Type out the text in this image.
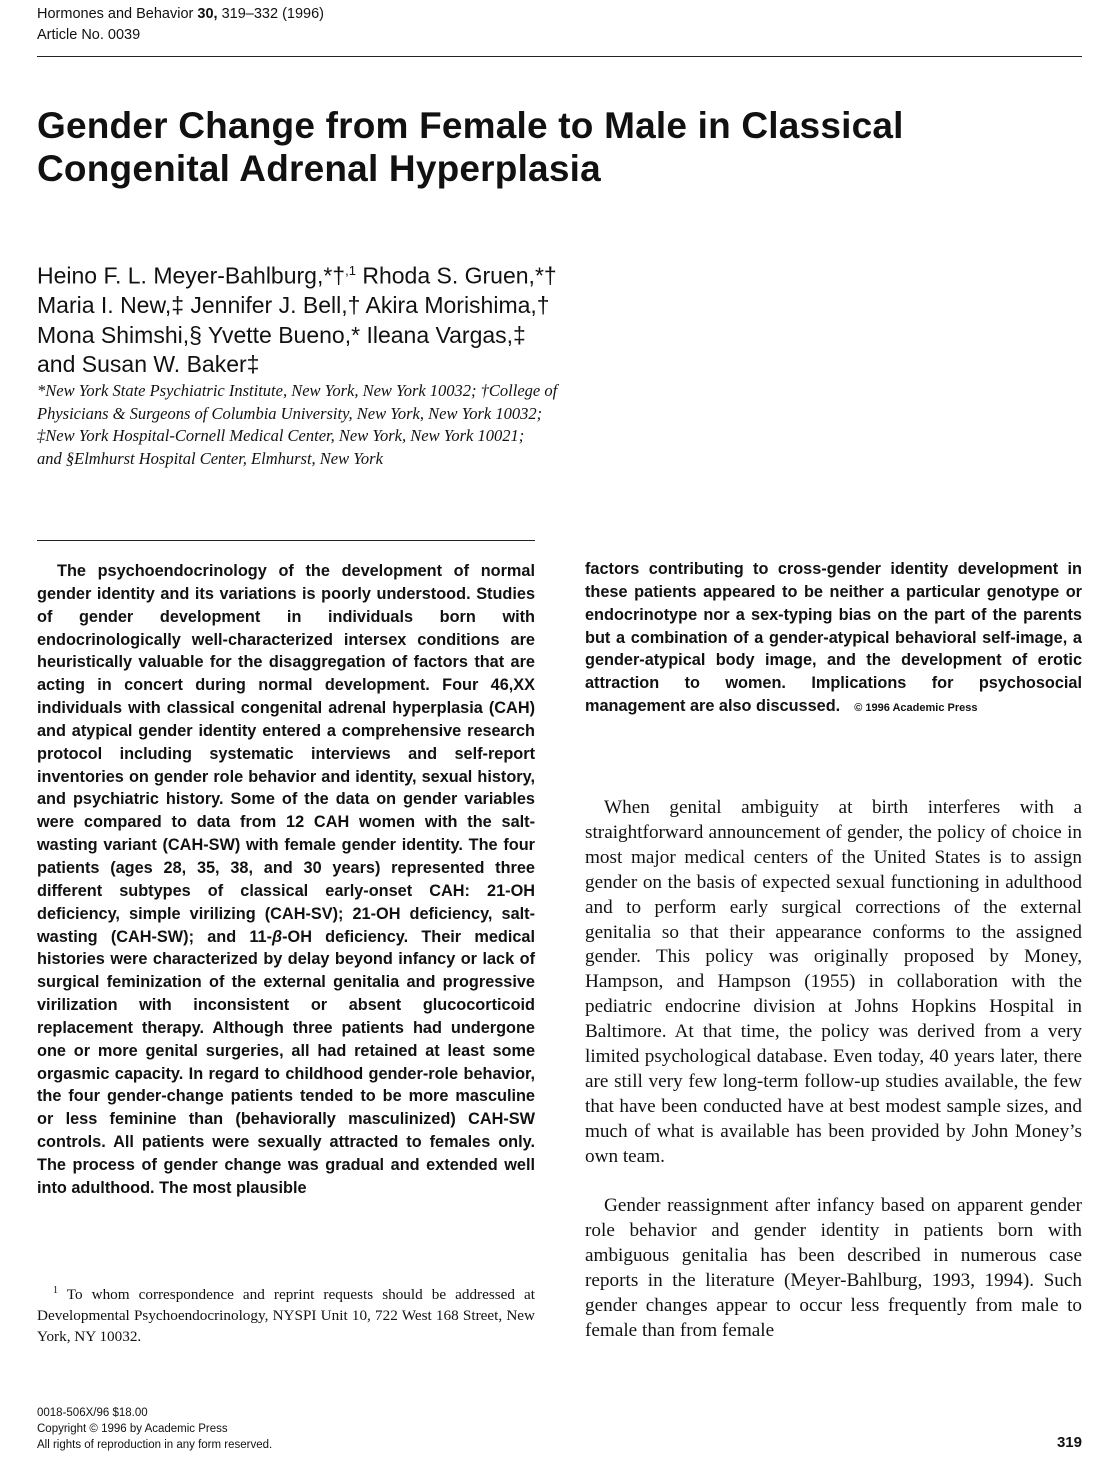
Hormones and Behavior 30, 319–332 (1996)
Article No. 0039
Gender Change from Female to Male in Classical
Congenital Adrenal Hyperplasia
Heino F. L. Meyer-Bahlburg,*†$^{,1}$ Rhoda S. Gruen,*†
Maria I. New,‡ Jennifer J. Bell,† Akira Morishima,†
Mona Shimshi,§ Yvette Bueno,* Ileana Vargas,‡
and Susan W. Baker‡
*New York State Psychiatric Institute, New York, New York 10032; †College of
Physicians & Surgeons of Columbia University, New York, New York 10032;
‡New York Hospital-Cornell Medical Center, New York, New York 10021;
and §Elmhurst Hospital Center, Elmhurst, New York

The psychoendocrinology of the development of normal gender identity and its variations is poorly understood. Studies of gender development in individuals born with endocrinologically well-characterized intersex conditions are heuristically valuable for the disaggregation of factors that are acting in concert during normal development. Four 46,XX individuals with classical congenital adrenal hyperplasia (CAH) and atypical gender identity entered a comprehensive research protocol including systematic interviews and self-report inventories on gender role behavior and identity, sexual history, and psychiatric history. Some of the data on gender variables were compared to data from 12 CAH women with the salt-wasting variant (CAH-SW) with female gender identity. The four patients (ages 28, 35, 38, and 30 years) represented three different subtypes of classical early-onset CAH: 21-OH deficiency, simple virilizing (CAH-SV); 21-OH deficiency, salt-wasting (CAH-SW); and 11-β-OH deficiency. Their medical histories were characterized by delay beyond infancy or lack of surgical feminization of the external genitalia and progressive virilization with inconsistent or absent glucocorticoid replacement therapy. Although three patients had undergone one or more genital surgeries, all had retained at least some orgasmic capacity. In regard to childhood gender-role behavior, the four gender-change patients tended to be more masculine or less feminine than (behaviorally masculinized) CAH-SW controls. All patients were sexually attracted to females only. The process of gender change was gradual and extended well into adulthood. The most plausible

factors contributing to cross-gender identity development in these patients appeared to be neither a particular genotype or endocrinotype nor a sex-typing bias on the part of the parents but a combination of a gender-atypical behavioral self-image, a gender-atypical body image, and the development of erotic attraction to women. Implications for psychosocial management are also discussed. © 1996 Academic Press

When genital ambiguity at birth interferes with a straightforward announcement of gender, the policy of choice in most major medical centers of the United States is to assign gender on the basis of expected sexual functioning in adulthood and to perform early surgical corrections of the external genitalia so that their appearance conforms to the assigned gender. This policy was originally proposed by Money, Hampson, and Hampson (1955) in collaboration with the pediatric endocrine division at Johns Hopkins Hospital in Baltimore. At that time, the policy was derived from a very limited psychological database. Even today, 40 years later, there are still very few long-term follow-up studies available, the few that have been conducted have at best modest sample sizes, and much of what is available has been provided by John Money’s own team.

Gender reassignment after infancy based on apparent gender role behavior and gender identity in patients born with ambiguous genitalia has been described in numerous case reports in the literature (Meyer-Bahlburg, 1993, 1994). Such gender changes appear to occur less frequently from male to female than from female

$^1$ To whom correspondence and reprint requests should be addressed at Developmental Psychoendocrinology, NYSPI Unit 10, 722 West 168 Street, New York, NY 10032.

0018-506X/96 $18.00
Copyright © 1996 by Academic Press
All rights of reproduction in any form reserved.	319
